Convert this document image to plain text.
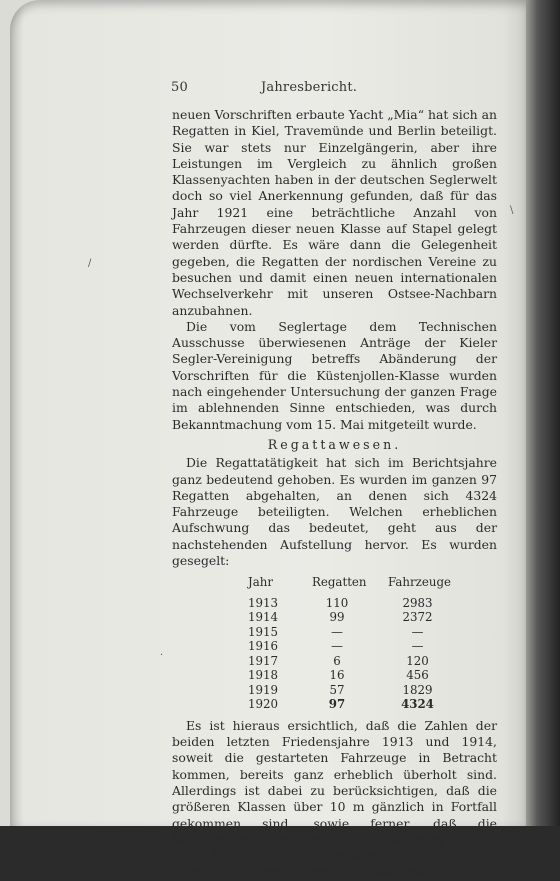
50	Jahresbericht.

neuen Vorschriften erbaute Yacht „Mia“ hat sich an Regatten in Kiel, Travemünde und Berlin beteiligt. Sie war stets nur Einzelgängerin, aber ihre Leistungen im Vergleich zu ähnlich großen Klassenyachten haben in der deutschen Seglerwelt doch so viel Anerkennung gefunden, daß für das Jahr 1921 eine beträchtliche Anzahl von Fahrzeugen dieser neuen Klasse auf Stapel gelegt werden dürfte. Es wäre dann die Gelegenheit gegeben, die Regatten der nordischen Vereine zu besuchen und damit einen neuen internationalen Wechselverkehr mit unseren Ostsee-Nachbarn anzubahnen.

Die vom Seglertage dem Technischen Ausschusse überwiesenen Anträge der Kieler Segler-Vereinigung betreffs Abänderung der Vorschriften für die Küstenjollen-Klasse wurden nach eingehender Untersuchung der ganzen Frage im ablehnenden Sinne entschieden, was durch Bekanntmachung vom 15. Mai mitgeteilt wurde.

Regattawesen.

Die Regattatätigkeit hat sich im Berichtsjahre ganz bedeutend gehoben. Es wurden im ganzen 97 Regatten abgehalten, an denen sich 4324 Fahrzeuge beteiligten. Welchen erheblichen Aufschwung das bedeutet, geht aus der nachstehenden Aufstellung hervor. Es wurden gesegelt:

Jahr	Regatten	Fahrzeuge
1913	110	2983
1914	99	2372
1915	—	—
1916	—	—
1917	6	120
1918	16	456
1919	57	1829
1920	97	4324

Es ist hieraus ersichtlich, daß die Zahlen der beiden letzten Friedensjahre 1913 und 1914, soweit die gestarteten Fahrzeuge in Betracht kommen, bereits ganz erheblich überholt sind. Allerdings ist dabei zu berücksichtigen, daß die größeren Klassen über 10 m gänzlich in Fortfall gekommen sind, sowie ferner, daß die Beteiligungsziffern durch die in Hamburg und an der Küste vielfach gefahrenen Ausgleichs-Wettfahrten ziemlich erheblich beeinflußt

\
/
·
